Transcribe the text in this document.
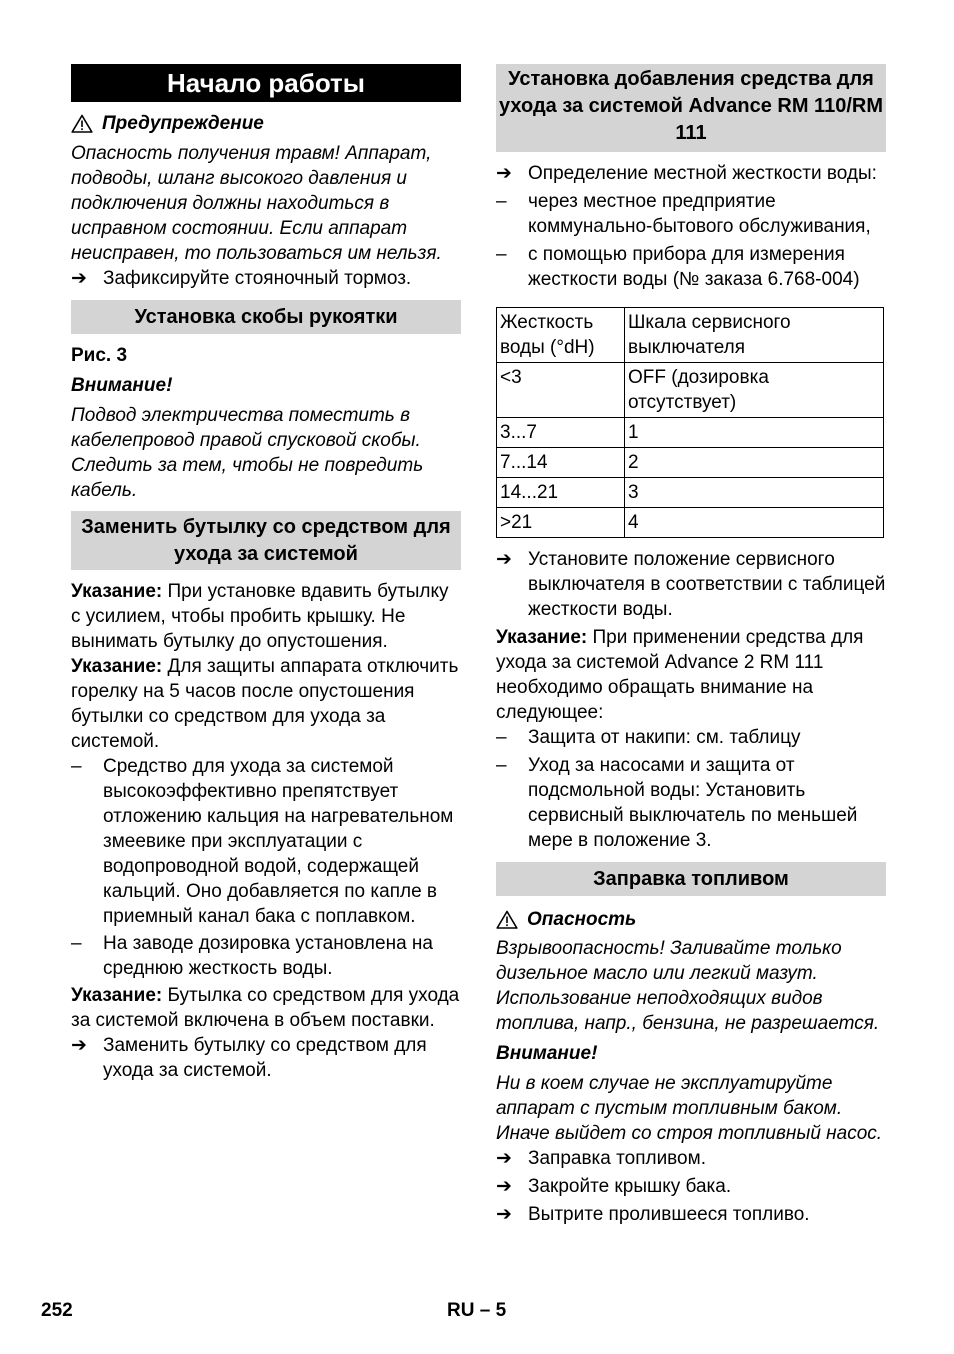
Начало работы
Предупреждение

Опасность получения травм! Аппарат, подводы, шланг высокого давления и подключения должны находиться в исправном состоянии. Если аппарат неисправен, то пользоваться им нельзя.

➔ Зафиксируйте стояночный тормоз.
Установка скобы рукоятки

Рис. 3

Внимание!

Подвод электричества поместить в кабелепровод правой спусковой скобы. Следить за тем, чтобы не повредить кабель.

Заменить бутылку со средством для ухода за системой

Указание: При установке вдавить бутылку с усилием, чтобы пробить крышку. Не вынимать бутылку до опустошения.

Указание: Для защиты аппарата отключить горелку на 5 часов после опустошения бутылки со средством для ухода за системой.

–	Средство для ухода за системой высокоэффективно препятствует отложению кальция на нагревательном змеевике при эксплуатации с водопроводной водой, содержащей кальций. Оно добавляется по капле в приемный канал бака с поплавком.
–	На заводе дозировка установлена на среднюю жесткость воды.

Указание: Бутылка со средством для ухода за системой включена в объем поставки.

➔ Заменить бутылку со средством для ухода за системой.
Установка добавления средства для ухода за системой Advance RM 110/RM 111
➔ Определение местной жесткости воды:
–	через местное предприятие коммунально-бытового обслуживания,
–	с помощью прибора для измерения жесткости воды (№ заказа 6.768-004)
Жесткость воды (°dH)	Шкала сервисного выключателя
<3	OFF (дозировка отсутствует)
3...7	1
7...14	2
14...21	3
>21	4
➔ Установите положение сервисного выключателя в соответствии с таблицей жесткости воды.

Указание: При применении средства для ухода за системой Advance 2 RM 111 необходимо обращать внимание на следующее:

–	Защита от накипи: см. таблицу
–	Уход за насосами и защита от подсмольной воды: Установить сервисный выключатель по меньшей мере в положение 3.
Заправка топливом
Опасность

Взрывоопасность! Заливайте только дизельное масло или легкий мазут. Использование неподходящих видов топлива, напр., бензина, не разрешается.

Внимание!

Ни в коем случае не эксплуатируйте аппарат с пустым топливным баком. Иначе выйдет со строя топливный насос.

➔ Заправка топливом.
➔ Закройте крышку бака.
➔ Вытрите пролившееся топливо.
252	RU – 5
